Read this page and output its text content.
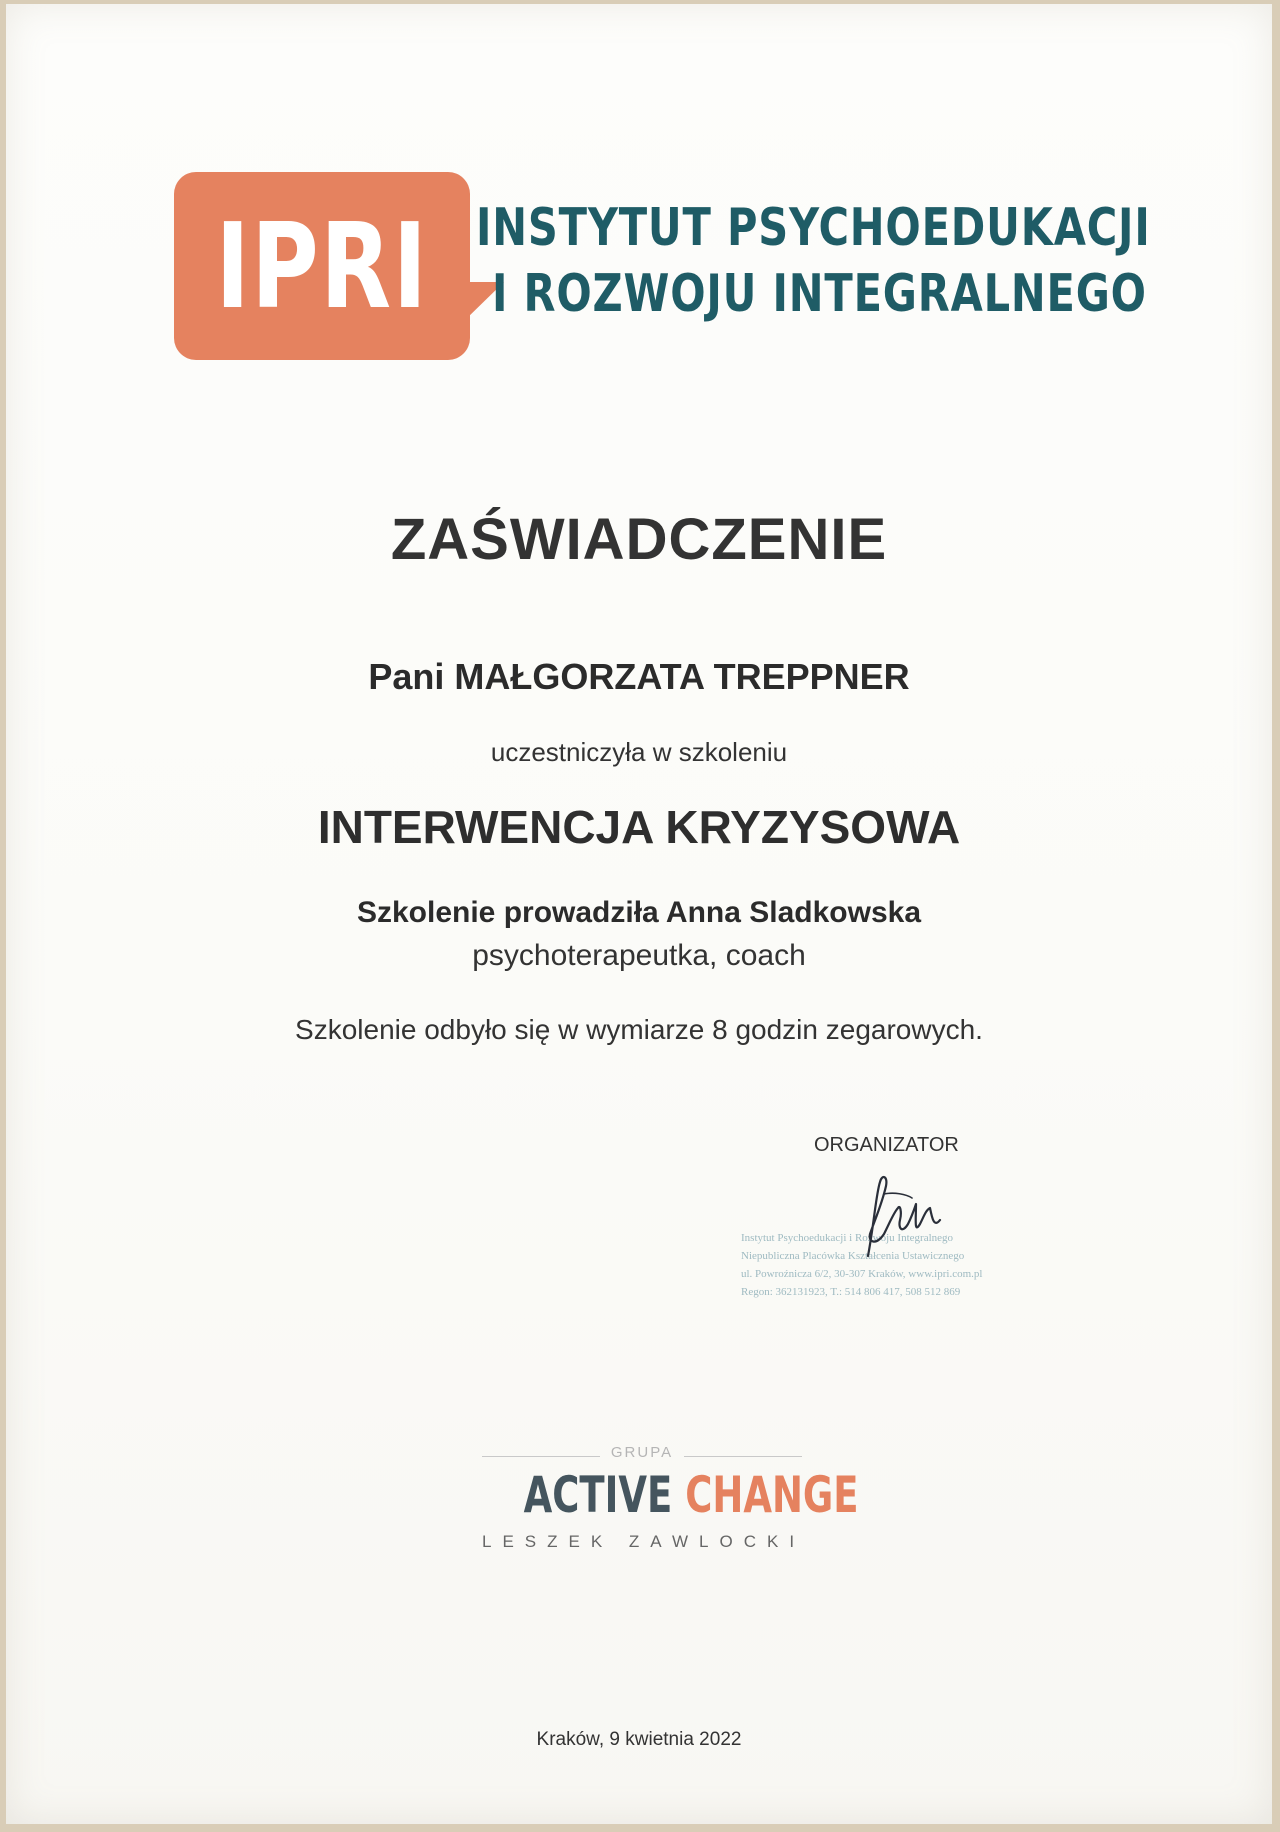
IPRI INSTYTUT PSYCHOEDUKACJI
I ROZWOJU INTEGRALNEGO
ZAŚWIADCZENIE
Pani MAŁGORZATA TREPPNER
uczestniczyła w szkoleniu
INTERWENCJA KRYZYSOWA
Szkolenie prowadziła Anna Sladkowska
psychoterapeutka, coach
Szkolenie odbyło się w wymiarze 8 godzin zegarowych.
ORGANIZATOR
Instytut Psychoedukacji i Rozwoju Integralnego
Niepubliczna Placówka Kształcenia Ustawicznego
ul. Powroźnicza 6/2, 30-307 Kraków, www.ipri.com.pl
Regon: 362131923, T.: 514 806 417, 508 512 869
GRUPA
ACTIVE CHANGE
LESZEK ZAWLOCKI
Kraków, 9 kwietnia 2022
